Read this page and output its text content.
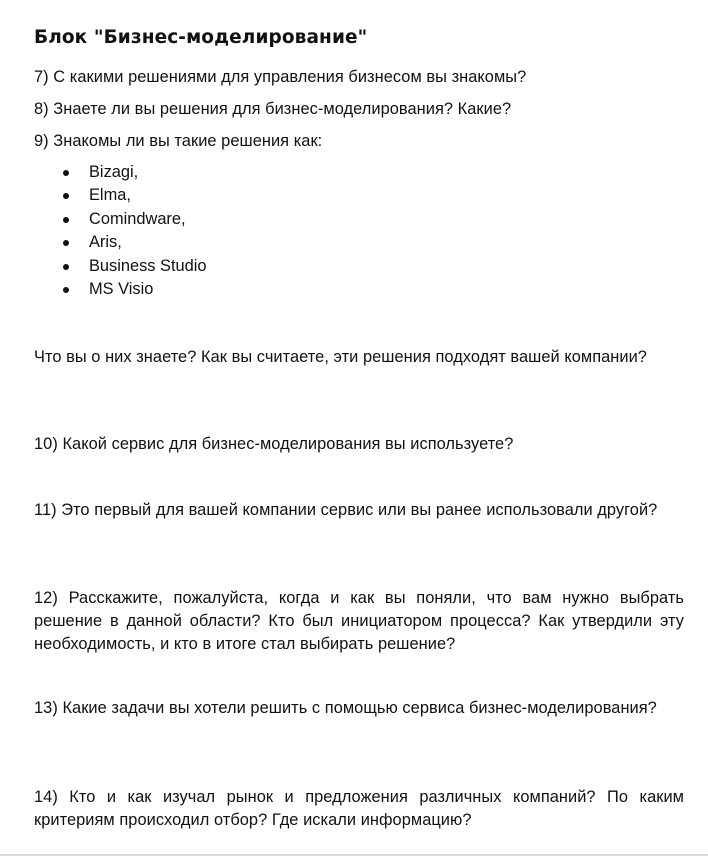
Блок "Бизнес-моделирование"

7) С какими решениями для управления бизнесом вы знакомы?

8) Знаете ли вы решения для бизнес-моделирования? Какие?

9) Знакомы ли вы такие решения как:

Bizagi,
Elma,
Comindware,
Aris,
Business Studio
MS Visio

Что вы о них знаете? Как вы считаете, эти решения подходят вашей компании?

10) Какой сервис для бизнес-моделирования вы используете?

11) Это первый для вашей компании сервис или вы ранее использовали другой?

12) Расскажите, пожалуйста, когда и как вы поняли, что вам нужно выбрать решение в данной области? Кто был инициатором процесса? Как утвердили эту необходимость, и кто в итоге стал выбирать решение?

13) Какие задачи вы хотели решить с помощью сервиса бизнес-моделирования?

14) Кто и как изучал рынок и предложения различных компаний? По каким критериям происходил отбор? Где искали информацию?
